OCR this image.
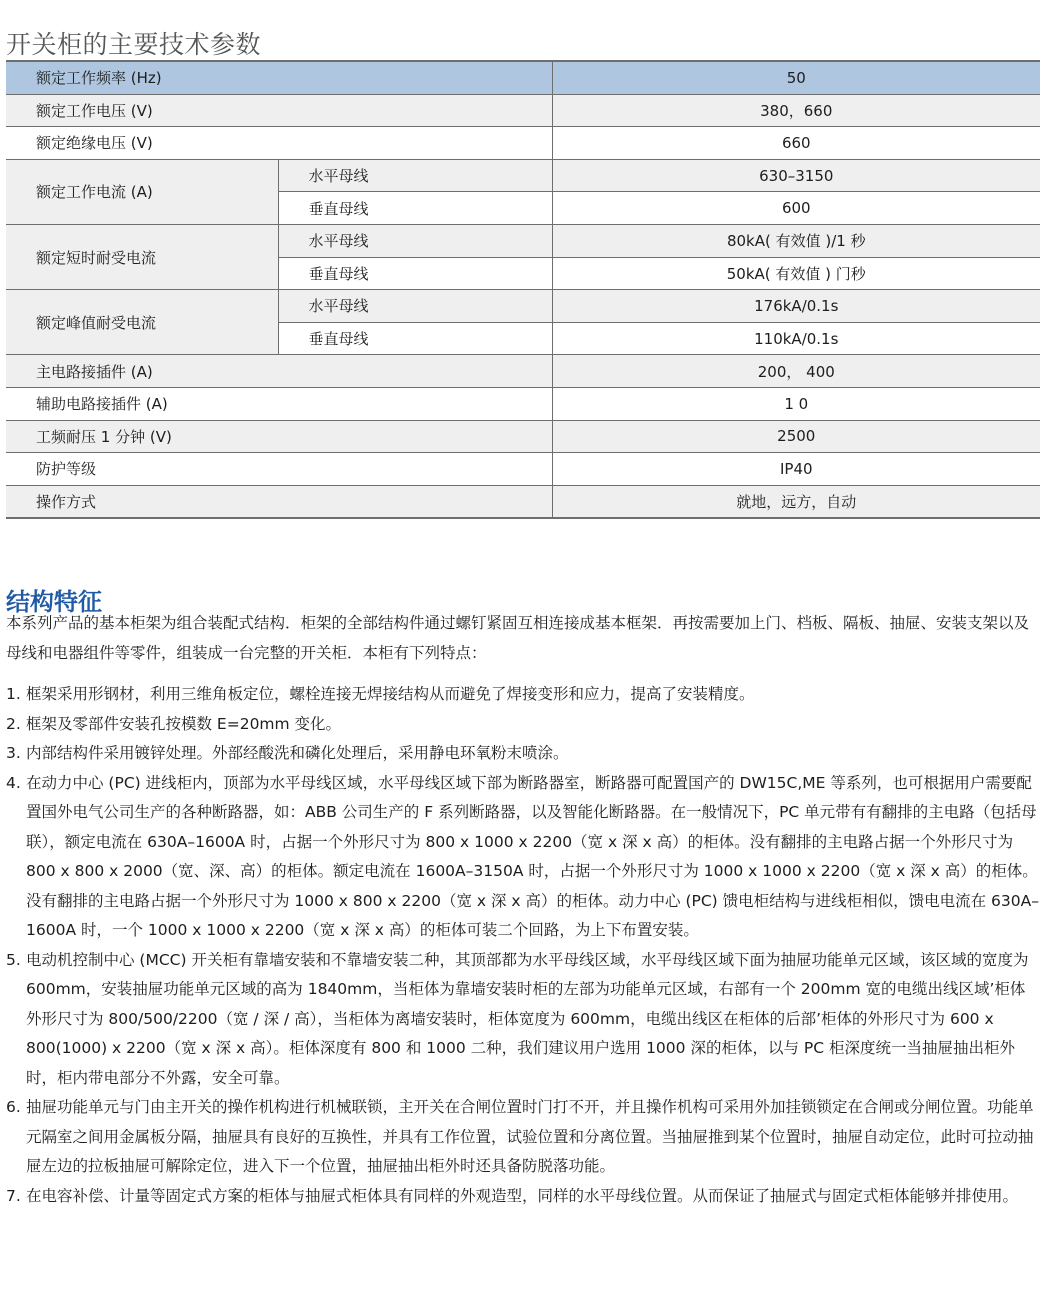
开关柜的主要技术参数
额定工作频率 (Hz)		50
额定工作电压 (V)		380，660
额定绝缘电压 (V)		660
额定工作电流 (A)	水平母线	630–3150
	垂直母线	600
额定短时耐受电流	水平母线	80kA( 有效值 )/1 秒
	垂直母线	50kA( 有效值 ) 门秒
额定峰值耐受电流	水平母线	176kA/0.1s
	垂直母线	110kA/0.1s
主电路接插件 (A)		200， 400
辅助电路接插件 (A)		1 0
工频耐压 1 分钟 (V)		2500
防护等级		IP40
操作方式		就地，远方，自动
结构特征

本系列产品的基本柜架为组合装配式结构．柜架的全部结构件通过螺钉紧固互相连接成基本框架．再按需要加上门、档板、隔板、抽屉、安装支架以及母线和电器组件等零件，组装成一台完整的开关柜．本柜有下列特点：

1. 框架采用形钢材，利用三维角板定位，螺栓连接无焊接结构从而避免了焊接变形和应力，提高了安装精度。
2. 框架及零部件安装孔按模数 E=20mm 变化。
3. 内部结构件采用镀锌处理。外部经酸洗和磷化处理后，采用静电环氧粉末喷涂。
4. 在动力中心 (PC) 进线柜内，顶部为水平母线区域，水平母线区域下部为断路器室，断路器可配置国产的 DW15C,ME 等系列，也可根据用户需要配置国外电气公司生产的各种断路器，如：ABB 公司生产的 F 系列断路器，以及智能化断路器。在一般情况下，PC 单元带有有翻排的主电路（包括母联），额定电流在 630A–1600A 时，占据一个外形尺寸为 800 x 1000 x 2200（宽 x 深 x 高）的柜体。没有翻排的主电路占据一个外形尺寸为 800 x 800 x 2000（宽、深、高）的柜体。额定电流在 1600A–3150A 时，占据一个外形尺寸为 1000 x 1000 x 2200（宽 x 深 x 高）的柜体。没有翻排的主电路占据一个外形尺寸为 1000 x 800 x 2200（宽 x 深 x 高）的柜体。动力中心 (PC) 馈电柜结构与进线柜相似，馈电电流在 630A–1600A 时，一个 1000 x 1000 x 2200（宽 x 深 x 高）的柜体可装二个回路，为上下布置安装。
5. 电动机控制中心 (MCC) 开关柜有靠墙安装和不靠墙安装二种，其顶部都为水平母线区域，水平母线区域下面为抽屉功能单元区域，该区域的宽度为 600mm，安装抽屉功能单元区域的高为 1840mm，当柜体为靠墙安装时柜的左部为功能单元区域，右部有一个 200mm 宽的电缆出线区域’柜体外形尺寸为 800/500/2200（宽 / 深 / 高），当柜体为离墙安装时，柜体宽度为 600mm，电缆出线区在柜体的后部’柜体的外形尺寸为 600 x 800(1000) x 2200（宽 x 深 x 高）。柜体深度有 800 和 1000 二种，我们建议用户选用 1000 深的柜体，以与 PC 柜深度统一当抽屉抽出柜外时，柜内带电部分不外露，安全可靠。
6. 抽屉功能单元与门由主开关的操作机构进行机械联锁，主开关在合闸位置时门打不开，并且操作机构可采用外加挂锁锁定在合闸或分闸位置。功能单元隔室之间用金属板分隔，抽屉具有良好的互换性，并具有工作位置，试验位置和分离位置。当抽屉推到某个位置时，抽屉自动定位，此时可拉动抽屉左边的拉板抽屉可解除定位，进入下一个位置，抽屉抽出柜外时还具备防脱落功能。
7. 在电容补偿、计量等固定式方案的柜体与抽屉式柜体具有同样的外观造型，同样的水平母线位置。从而保证了抽屉式与固定式柜体能够并排使用。
